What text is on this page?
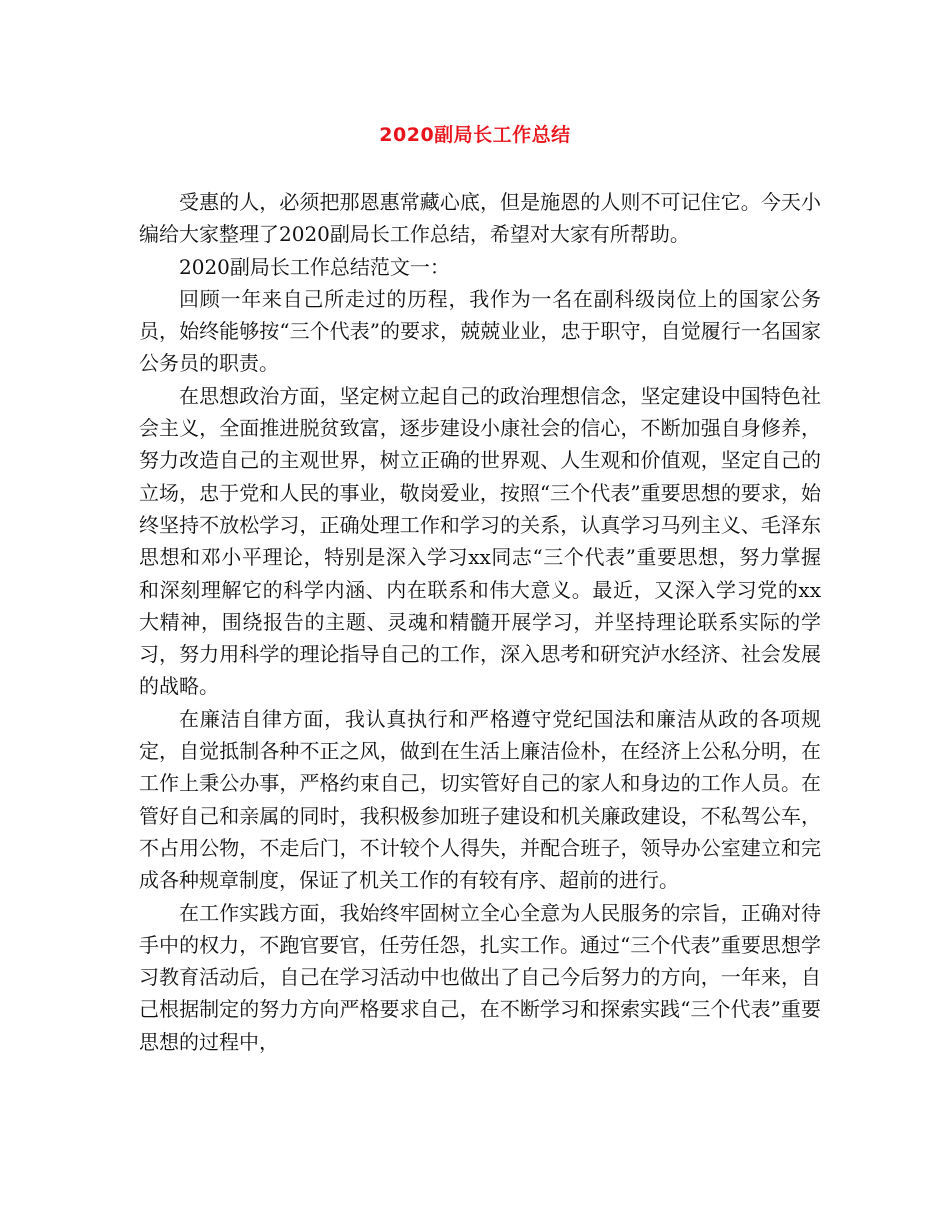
2020副局长工作总结

受惠的人，必须把那恩惠常藏心底，但是施恩的人则不可记住它。今天小编给大家整理了2020副局长工作总结，希望对大家有所帮助。

2020副局长工作总结范文一：

回顾一年来自己所走过的历程，我作为一名在副科级岗位上的国家公务员，始终能够按“三个代表”的要求，兢兢业业，忠于职守，自觉履行一名国家公务员的职责。

在思想政治方面，坚定树立起自己的政治理想信念，坚定建设中国特色社会主义，全面推进脱贫致富，逐步建设小康社会的信心，不断加强自身修养，努力改造自己的主观世界，树立正确的世界观、人生观和价值观，坚定自己的立场，忠于党和人民的事业，敬岗爱业，按照“三个代表”重要思想的要求，始终坚持不放松学习，正确处理工作和学习的关系，认真学习马列主义、毛泽东思想和邓小平理论，特别是深入学习xx同志“三个代表”重要思想，努力掌握和深刻理解它的科学内涵、内在联系和伟大意义。最近，又深入学习党的xx大精神，围绕报告的主题、灵魂和精髓开展学习，并坚持理论联系实际的学习，努力用科学的理论指导自己的工作，深入思考和研究泸水经济、社会发展的战略。

在廉洁自律方面，我认真执行和严格遵守党纪国法和廉洁从政的各项规定，自觉抵制各种不正之风，做到在生活上廉洁俭朴，在经济上公私分明，在工作上秉公办事，严格约束自己，切实管好自己的家人和身边的工作人员。在管好自己和亲属的同时，我积极参加班子建设和机关廉政建设，不私驾公车，不占用公物，不走后门，不计较个人得失，并配合班子，领导办公室建立和完成各种规章制度，保证了机关工作的有较有序、超前的进行。

在工作实践方面，我始终牢固树立全心全意为人民服务的宗旨，正确对待手中的权力，不跑官要官，任劳任怨，扎实工作。通过“三个代表”重要思想学习教育活动后，自己在学习活动中也做出了自己今后努力的方向，一年来，自己根据制定的努力方向严格要求自己，在不断学习和探索实践“三个代表”重要思想的过程中，
